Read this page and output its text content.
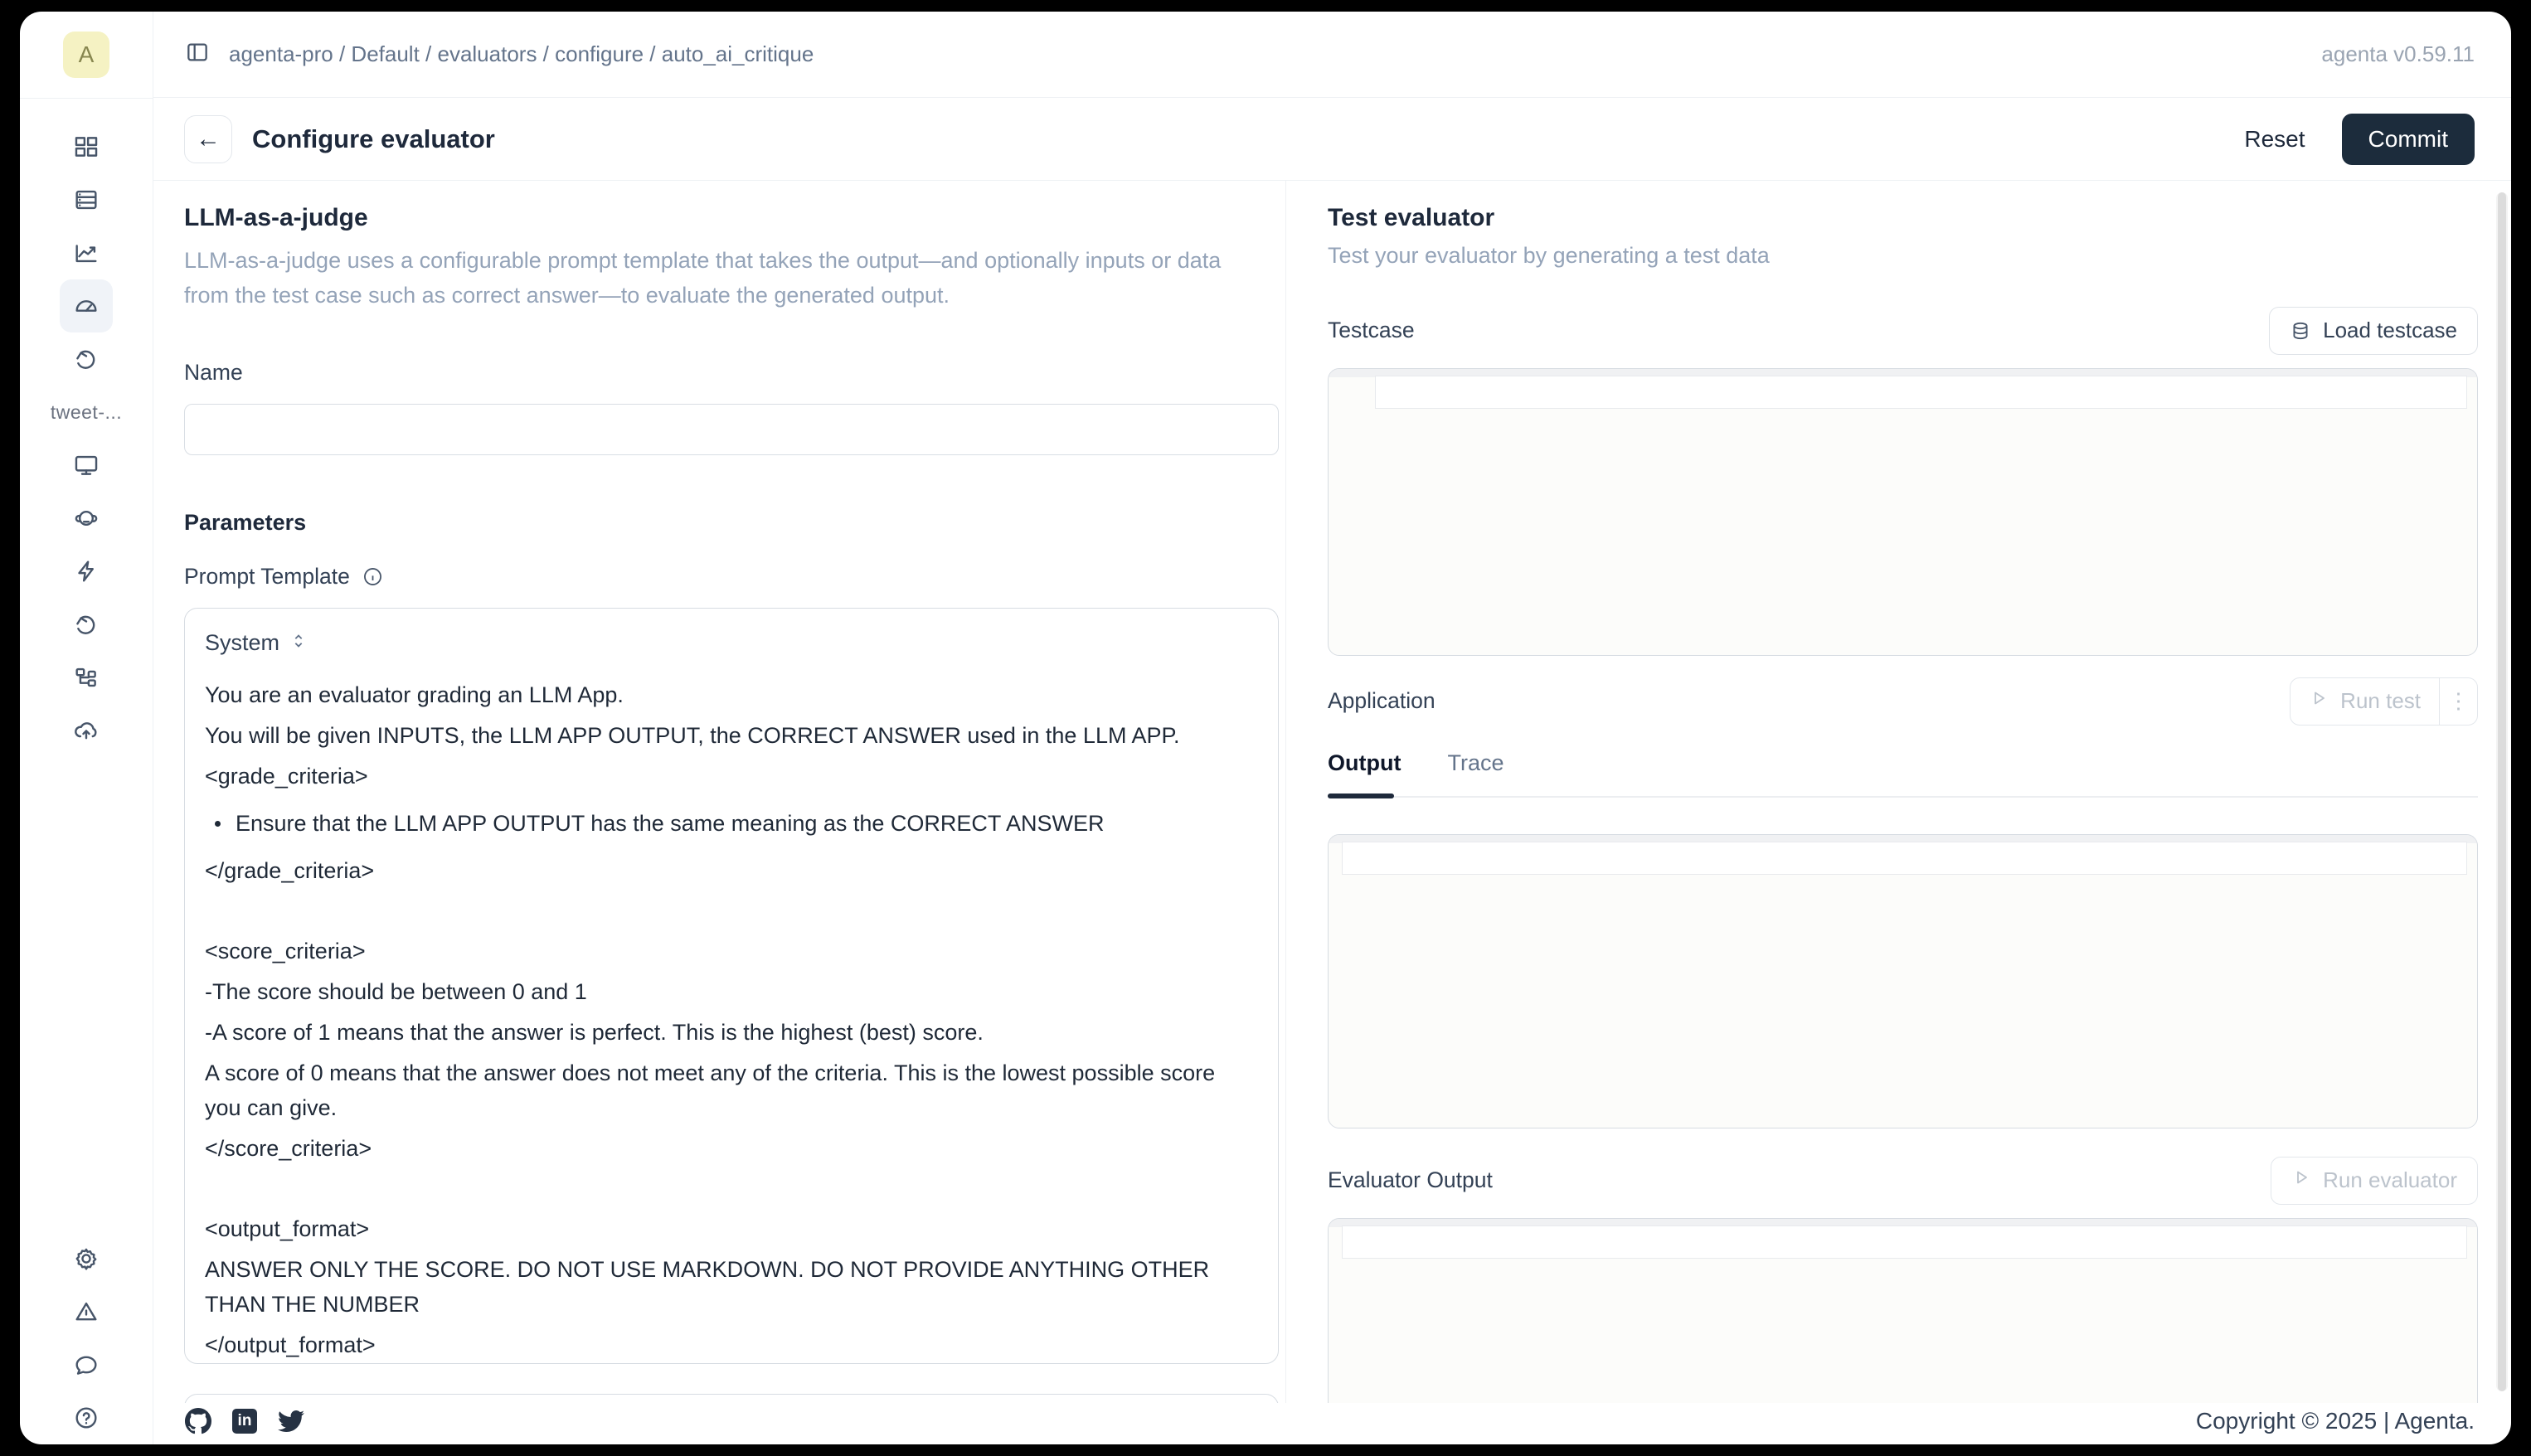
A
tweet-...
agenta-pro / Default / evaluators / configure / auto_ai_critique	agenta v0.59.11
←	Configure evaluator	Reset	Commit
LLM-as-a-judge

LLM-as-a-judge uses a configurable prompt template that takes the output—and optionally inputs or data from the test case such as correct answer—to evaluate the generated output.

Name
Parameters
Prompt Template
System
You are an evaluator grading an LLM App.
You will be given INPUTS, the LLM APP OUTPUT, the CORRECT ANSWER used in the LLM APP.
<grade_criteria>
Ensure that the LLM APP OUTPUT has the same meaning as the CORRECT ANSWER
</grade_criteria>
<score_criteria>
-The score should be between 0 and 1
-A score of 1 means that the answer is perfect. This is the highest (best) score.
A score of 0 means that the answer does not meet any of the criteria. This is the lowest possible score you can give.
</score_criteria>
<output_format>
ANSWER ONLY THE SCORE. DO NOT USE MARKDOWN. DO NOT PROVIDE ANYTHING OTHER THAN THE NUMBER
</output_format>
Test evaluator

Test your evaluator by generating a test data

Testcase	Load testcase
Application	Run test	⋮
Output Trace
Evaluator Output	Run evaluator
in	Copyright © 2025 | Agenta.
